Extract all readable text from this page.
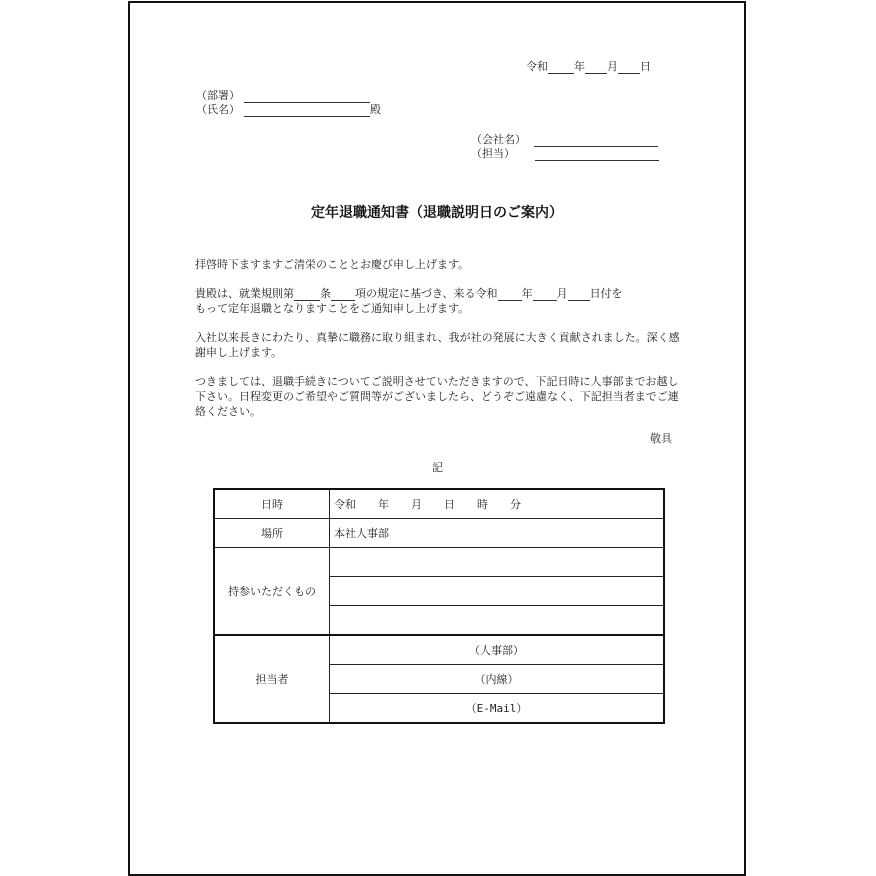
令和 年 月 日
（部署）
（氏名）	殿
（会社名）
（担当）
定年退職通知書（退職説明日のご案内）

拝啓時下ますますご清栄のこととお慶び申し上げます。

貴殿は、就業規則第 条 項の規定に基づき、来る令和 年 月 日付を
もって定年退職となりますことをご通知申し上げます。

入社以来長きにわたり、真摯に職務に取り組まれ、我が社の発展に大きく貢献されました。深く感謝申し上げます。

つきましては、退職手続きについてご説明させていただきますので、下記日時に人事部までお越し下さい。日程変更のご希望やご質問等がございましたら、どうぞご遠慮なく、下記担当者までご連絡ください。

敬具
記
日時	令和　　年　　月　　日　　時　　分
場所	本社人事部
持参いただくもの	

担当者	（人事部）
	（内線）
	（E-Mail）
